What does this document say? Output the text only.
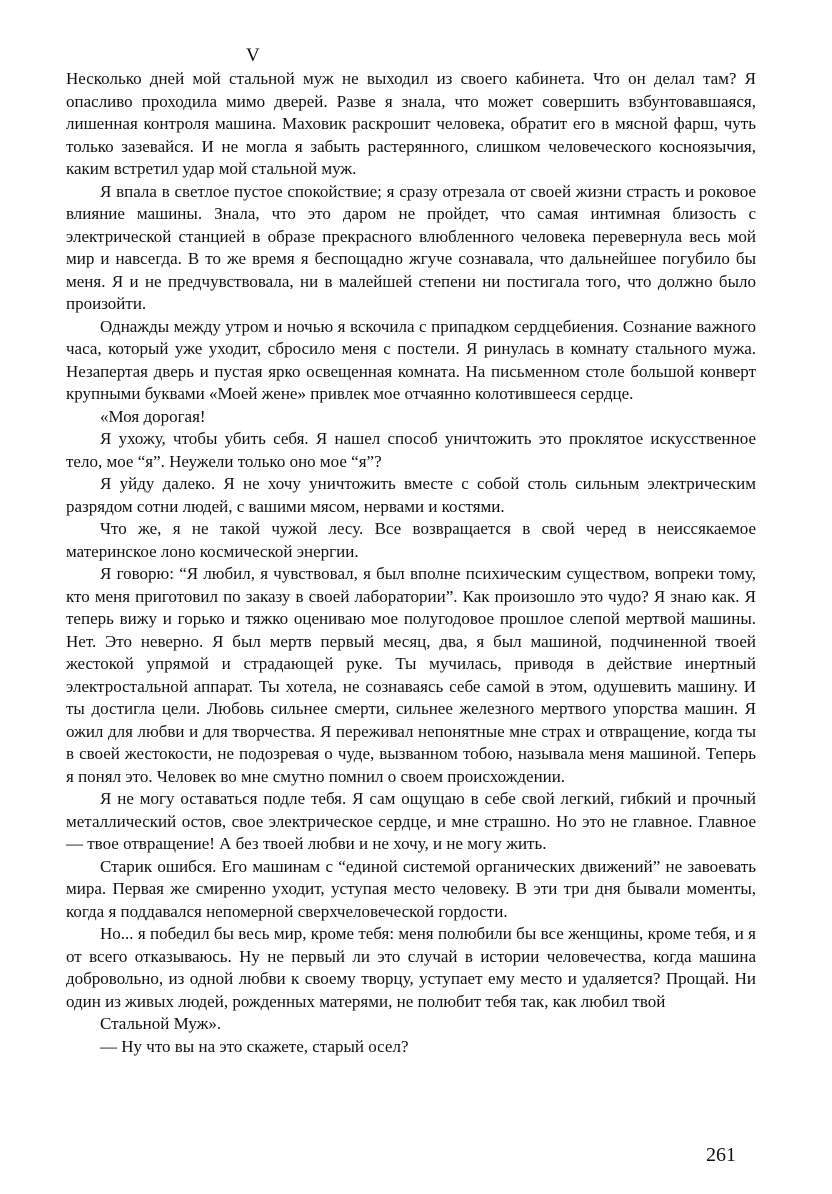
V

Несколько дней мой стальной муж не выходил из своего кабинета. Что он делал там? Я опасливо проходила мимо дверей. Разве я знала, что может совершить взбунтовавшаяся, лишенная контроля машина. Маховик раскрошит человека, обратит его в мясной фарш, чуть только зазевайся. И не могла я забыть растерянного, слишком человеческого косноязычия, каким встретил удар мой стальной муж.

Я впала в светлое пустое спокойствие; я сразу отрезала от своей жизни страсть и роковое влияние машины. Знала, что это даром не пройдет, что самая интимная близость с электрической станцией в образе прекрасного влюбленного человека перевернула весь мой мир и навсегда. В то же время я беспощадно жгуче сознавала, что дальнейшее погубило бы меня. Я и не предчувствовала, ни в малейшей степени ни постигала того, что должно было произойти.

Однажды между утром и ночью я вскочила с припадком сердцебиения. Сознание важного часа, который уже уходит, сбросило меня с постели. Я ринулась в комнату стального мужа. Незапертая дверь и пустая ярко освещенная комната. На письменном столе большой конверт крупными буквами «Моей жене» привлек мое отчаянно колотившееся сердце.

«Моя дорогая!

Я ухожу, чтобы убить себя. Я нашел способ уничтожить это проклятое искусственное тело, мое “я”. Неужели только оно мое “я”?

Я уйду далеко. Я не хочу уничтожить вместе с собой столь сильным электрическим разрядом сотни людей, с вашими мясом, нервами и костями.

Что же, я не такой чужой лесу. Все возвращается в свой черед в неиссякаемое материнское лоно космической энергии.

Я говорю: “Я любил, я чувствовал, я был вполне психическим существом, вопреки тому, кто меня приготовил по заказу в своей лаборатории”. Как произошло это чудо? Я знаю как. Я теперь вижу и горько и тяжко оцениваю мое полугодовое прошлое слепой мертвой машины. Нет. Это неверно. Я был мертв первый месяц, два, я был машиной, подчиненной твоей жестокой упрямой и страдающей руке. Ты мучилась, приводя в действие инертный электростальной аппарат. Ты хотела, не сознаваясь себе самой в этом, одушевить машину. И ты достигла цели. Любовь сильнее смерти, сильнее железного мертвого упорства машин. Я ожил для любви и для творчества. Я переживал непонятные мне страх и отвращение, когда ты в своей жестокости, не подозревая о чуде, вызванном тобою, называла меня машиной. Теперь я понял это. Человек во мне смутно помнил о своем происхождении.

Я не могу оставаться подле тебя. Я сам ощущаю в себе свой легкий, гибкий и прочный металлический остов, свое электрическое сердце, и мне страшно. Но это не главное. Главное — твое отвращение! А без твоей любви и не хочу, и не могу жить.

Старик ошибся. Его машинам с “единой системой органических движений” не завоевать мира. Первая же смиренно уходит, уступая место человеку. В эти три дня бывали моменты, когда я поддавался непомерной сверхчеловеческой гордости.

Но... я победил бы весь мир, кроме тебя: меня полюбили бы все женщины, кроме тебя, и я от всего отказываюсь. Ну не первый ли это случай в истории человечества, когда машина добровольно, из одной любви к своему творцу, уступает ему место и удаляется? Прощай. Ни один из живых людей, рожденных матерями, не полюбит тебя так, как любил твой

Стальной Муж».

— Ну что вы на это скажете, старый осел?

261
